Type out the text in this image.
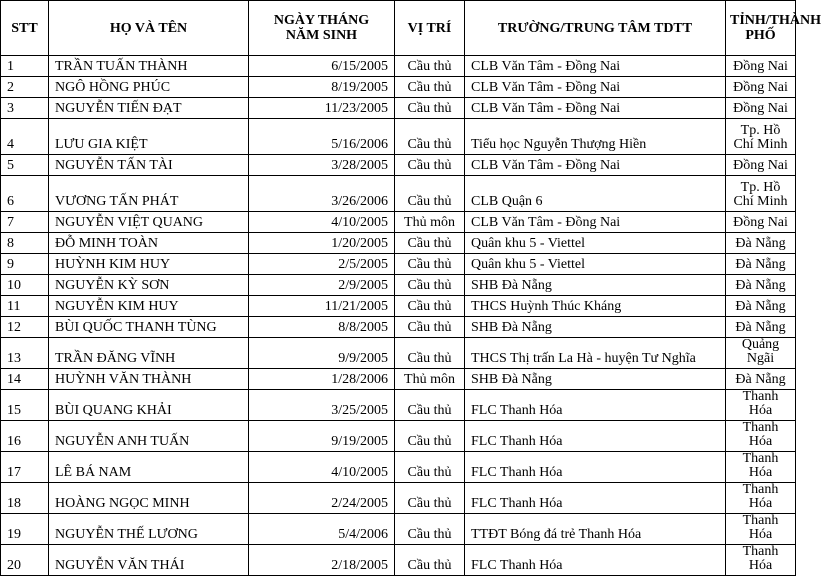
STT	HỌ VÀ TÊN	NGÀY THÁNG NĂM SINH	VỊ TRÍ	TRƯỜNG/TRUNG TÂM TDTT	TỈNH/THÀNH PHỐ
1	TRẦN TUẤN THÀNH	6/15/2005	Cầu thủ	CLB Văn Tâm - Đồng Nai	Đồng Nai
2	NGÔ HỒNG PHÚC	8/19/2005	Cầu thủ	CLB Văn Tâm - Đồng Nai	Đồng Nai
3	NGUYỄN TIẾN ĐẠT	11/23/2005	Cầu thủ	CLB Văn Tâm - Đồng Nai	Đồng Nai
4	LƯU GIA KIỆT	5/16/2006	Cầu thủ	Tiểu học Nguyễn Thượng Hiền	Tp. Hồ Chí Minh
5	NGUYỄN TẤN TÀI	3/28/2005	Cầu thủ	CLB Văn Tâm - Đồng Nai	Đồng Nai
6	VƯƠNG TẤN PHÁT	3/26/2006	Cầu thủ	CLB Quận 6	Tp. Hồ Chí Minh
7	NGUYỄN VIỆT QUANG	4/10/2005	Thủ môn	CLB Văn Tâm - Đồng Nai	Đồng Nai
8	ĐỖ MINH TOÀN	1/20/2005	Cầu thủ	Quân khu 5 - Viettel	Đà Nẵng
9	HUỲNH KIM HUY	2/5/2005	Cầu thủ	Quân khu 5 - Viettel	Đà Nẵng
10	NGUYỄN KỲ SƠN	2/9/2005	Cầu thủ	SHB Đà Nẵng	Đà Nẵng
11	NGUYỄN KIM HUY	11/21/2005	Cầu thủ	THCS Huỳnh Thúc Kháng	Đà Nẵng
12	BÙI QUỐC THANH TÙNG	8/8/2005	Cầu thủ	SHB Đà Nẵng	Đà Nẵng
13	TRẦN ĐĂNG VĨNH	9/9/2005	Cầu thủ	THCS Thị trấn La Hà - huyện Tư Nghĩa	Quảng Ngãi
14	HUỲNH VĂN THÀNH	1/28/2006	Thủ môn	SHB Đà Nẵng	Đà Nẵng
15	BÙI QUANG KHẢI	3/25/2005	Cầu thủ	FLC Thanh Hóa	Thanh Hóa
16	NGUYỄN ANH TUẤN	9/19/2005	Cầu thủ	FLC Thanh Hóa	Thanh Hóa
17	LÊ BÁ NAM	4/10/2005	Cầu thủ	FLC Thanh Hóa	Thanh Hóa
18	HOÀNG NGỌC MINH	2/24/2005	Cầu thủ	FLC Thanh Hóa	Thanh Hóa
19	NGUYỄN THẾ LƯƠNG	5/4/2006	Cầu thủ	TTĐT Bóng đá trẻ Thanh Hóa	Thanh Hóa
20	NGUYỄN VĂN THÁI	2/18/2005	Cầu thủ	FLC Thanh Hóa	Thanh Hóa
